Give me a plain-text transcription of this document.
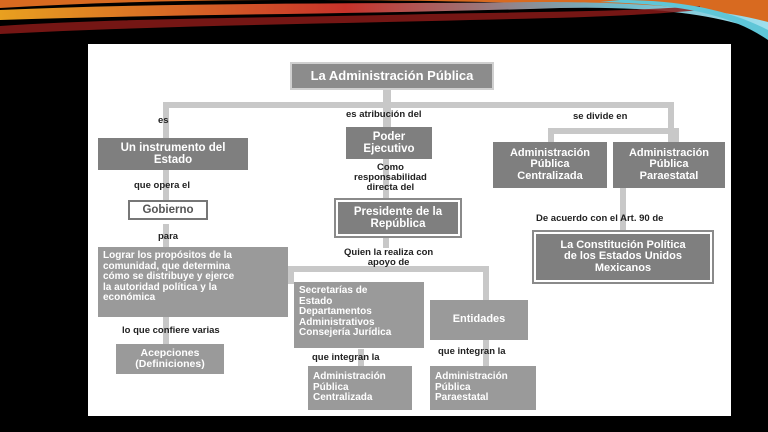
La Administración Pública
es
es atribución del	se divide en
Un instrumento del
Estado
que opera el
Gobierno
para
Lograr los propósitos de la
comunidad, que determina
cómo se distribuye y ejerce
la autoridad política y la
económica
lo que confiere varias
Acepciones
(Definiciones)
Poder
Ejecutivo
Como
responsabilidad
directa del
Presidente de la
República
Quien la realiza con
apoyo de
Secretarías de
Estado
Departamentos
Administrativos
Consejería Jurídica
Entidades
que integran la
que integran la
Administración
Pública
Centralizada
Administración
Pública
Paraestatal
Administración
Pública
Centralizada
Administración
Pública
Paraestatal
De acuerdo con el Art. 90 de
La Constitución Política
de los Estados Unidos
Mexicanos
